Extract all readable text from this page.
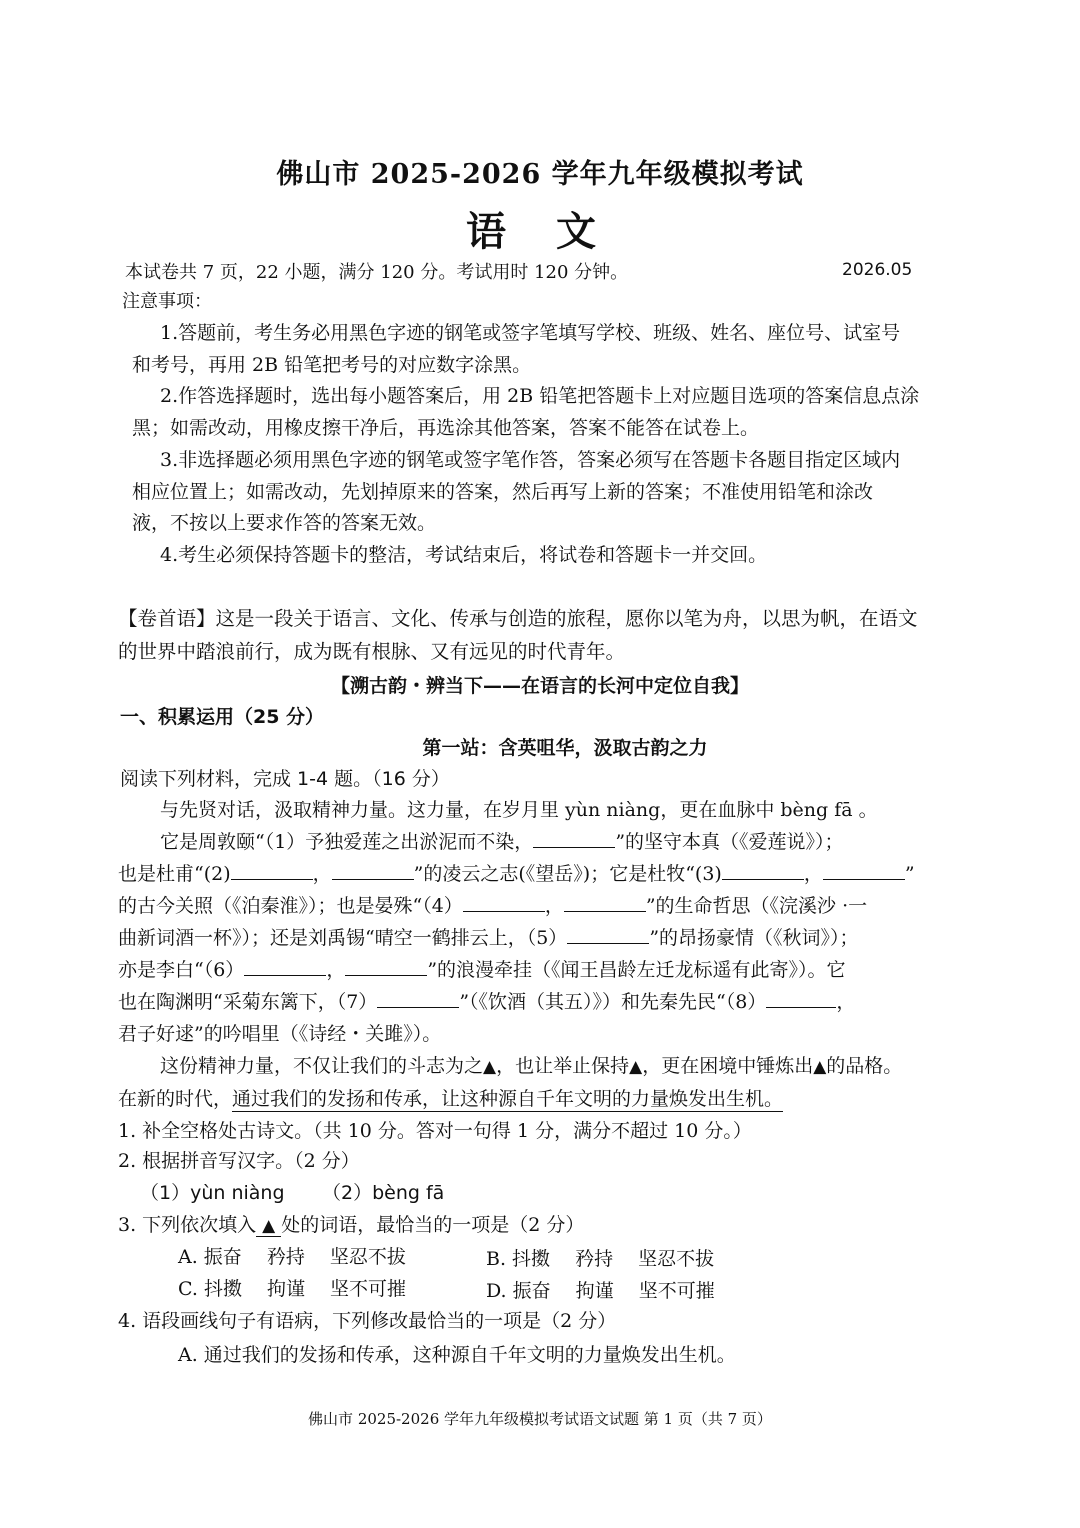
佛山市 2025-2026 学年九年级模拟考试
语 文
本试卷共 7 页，22 小题，满分 120 分。考试用时 120 分钟。	2026.05
注意事项：
1.答题前，考生务必用黑色字迹的钢笔或签字笔填写学校、班级、姓名、座位号、试室号
和考号，再用 2B 铅笔把考号的对应数字涂黑。
2.作答选择题时，选出每小题答案后，用 2B 铅笔把答题卡上对应题目选项的答案信息点涂
黑；如需改动，用橡皮擦干净后，再选涂其他答案，答案不能答在试卷上。
3.非选择题必须用黑色字迹的钢笔或签字笔作答，答案必须写在答题卡各题目指定区域内
相应位置上；如需改动，先划掉原来的答案，然后再写上新的答案；不准使用铅笔和涂改
液，不按以上要求作答的答案无效。
4.考生必须保持答题卡的整洁，考试结束后，将试卷和答题卡一并交回。
【卷首语】这是一段关于语言、文化、传承与创造的旅程，愿你以笔为舟，以思为帆，在语文
的世界中踏浪前行，成为既有根脉、又有远见的时代青年。
【溯古韵・辨当下——在语言的长河中定位自我】
一、积累运用（25 分）
第一站：含英咀华，汲取古韵之力
阅读下列材料，完成 1-4 题。（16 分）
与先贤对话，汲取精神力量。这力量，在岁月里 yùn niàng，更在血脉中 bèng fā 。
它是周敦颐“（1）予独爱莲之出淤泥而不染，	”的坚守本真（《爱莲说》）；
也是杜甫“(2)	，	”的凌云之志(《望岳》)；它是杜牧“(3)	，	”
的古今关照（《泊秦淮》）；也是晏殊“（4）	，	”的生命哲思（《浣溪沙 ·一
曲新词酒一杯》）；还是刘禹锡“晴空一鹤排云上，（5）	”的昂扬豪情（《秋词》）；
亦是李白“（6）	，	”的浪漫牵挂（《闻王昌龄左迁龙标遥有此寄》）。它
也在陶渊明“采菊东篱下，（7）	”（《饮酒（其五）》）和先秦先民“（8）	，
君子好逑”的吟唱里（《诗经・关雎》）。
这份精神力量，不仅让我们的斗志为之▲，也让举止保持▲，更在困境中锤炼出▲的品格。
在新的时代，通过我们的发扬和传承，让这种源自千年文明的力量焕发出生机。
1. 补全空格处古诗文。（共 10 分。答对一句得 1 分，满分不超过 10 分。）
2. 根据拼音写汉字。（2 分）
（1）yùn niàng （2）bèng fā
3. 下列依次填入 ▲ 处的词语，最恰当的一项是（2 分）
A. 振奋　 矜持　 坚忍不拔	B. 抖擞　 矜持　 坚忍不拔
C. 抖擞　 拘谨　 坚不可摧	D. 振奋　 拘谨　 坚不可摧
4. 语段画线句子有语病，下列修改最恰当的一项是（2 分）
A. 通过我们的发扬和传承，这种源自千年文明的力量焕发出生机。
佛山市 2025-2026 学年九年级模拟考试语文试题 第 1 页（共 7 页）
